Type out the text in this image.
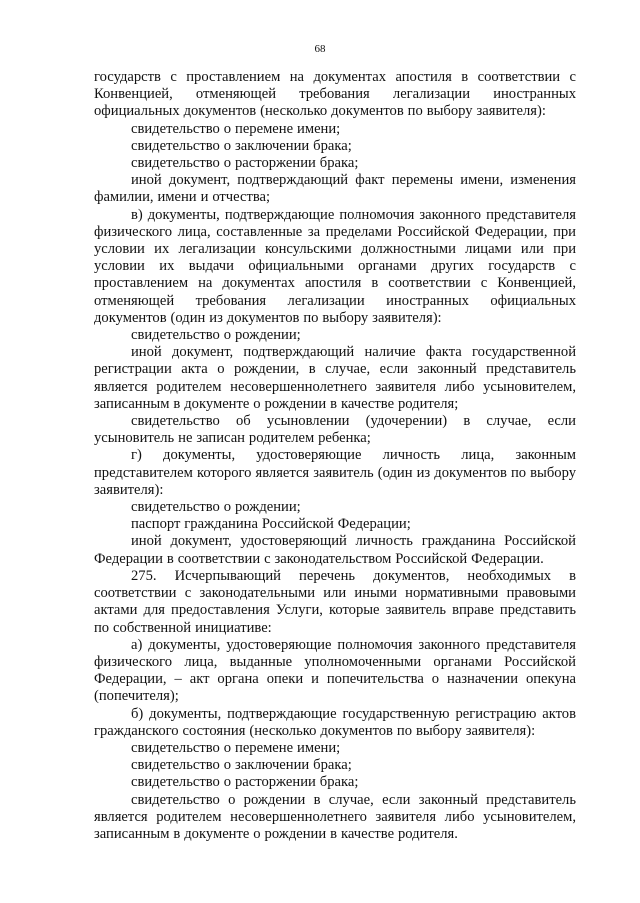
68

государств с проставлением на документах апостиля в соответствии с Конвенцией, отменяющей требования легализации иностранных официальных документов (несколько документов по выбору заявителя):

свидетельство о перемене имени;

свидетельство о заключении брака;

свидетельство о расторжении брака;

иной документ, подтверждающий факт перемены имени, изменения фамилии, имени и отчества;

в) документы, подтверждающие полномочия законного представителя физического лица, составленные за пределами Российской Федерации, при условии их легализации консульскими должностными лицами или при условии их выдачи официальными органами других государств с проставлением на документах апостиля в соответствии с Конвенцией, отменяющей требования легализации иностранных официальных документов (один из документов по выбору заявителя):

свидетельство о рождении;

иной документ, подтверждающий наличие факта государственной регистрации акта о рождении, в случае, если законный представитель является родителем несовершеннолетнего заявителя либо усыновителем, записанным в документе о рождении в качестве родителя;

свидетельство об усыновлении (удочерении) в случае, если усыновитель не записан родителем ребенка;

г) документы, удостоверяющие личность лица, законным представителем которого является заявитель (один из документов по выбору заявителя):

свидетельство о рождении;

паспорт гражданина Российской Федерации;

иной документ, удостоверяющий личность гражданина Российской Федерации в соответствии с законодательством Российской Федерации.

275. Исчерпывающий перечень документов, необходимых в соответствии с законодательными или иными нормативными правовыми актами для предоставления Услуги, которые заявитель вправе представить по собственной инициативе:

а) документы, удостоверяющие полномочия законного представителя физического лица, выданные уполномоченными органами Российской Федерации, – акт органа опеки и попечительства о назначении опекуна (попечителя);

б) документы, подтверждающие государственную регистрацию актов гражданского состояния (несколько документов по выбору заявителя):

свидетельство о перемене имени;

свидетельство о заключении брака;

свидетельство о расторжении брака;

свидетельство о рождении в случае, если законный представитель является родителем несовершеннолетнего заявителя либо усыновителем, записанным в документе о рождении в качестве родителя.
